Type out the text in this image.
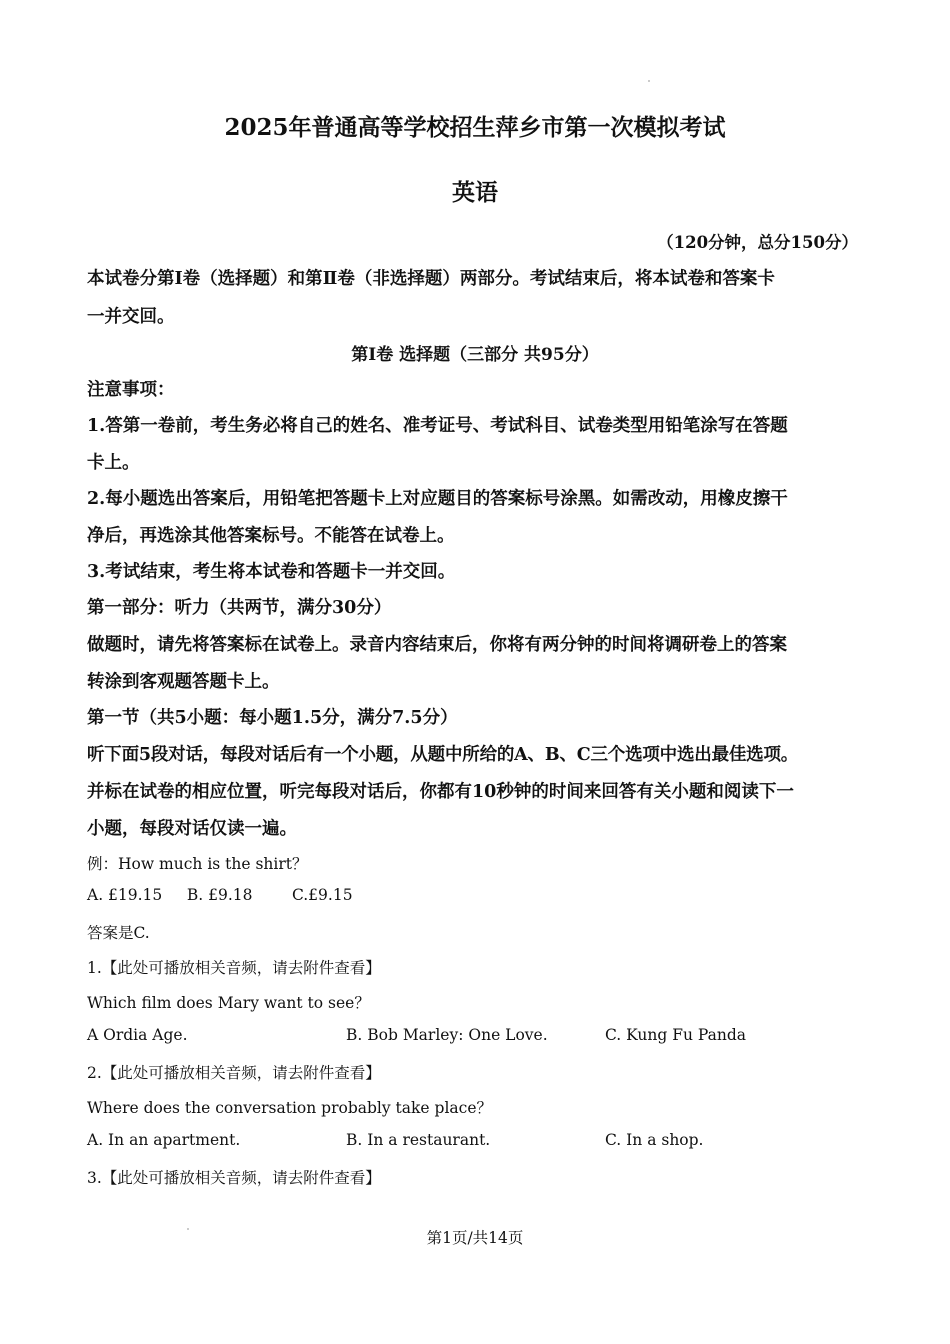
2025年普通高等学校招生萍乡市第一次模拟考试
英语
（120分钟，总分150分）
本试卷分第Ⅰ卷（选择题）和第Ⅱ卷（非选择题）两部分。考试结束后，将本试卷和答案卡
一并交回。
第Ⅰ卷 选择题（三部分 共95分）
注意事项：
1.答第一卷前，考生务必将自己的姓名、准考证号、考试科目、试卷类型用铅笔涂写在答题
卡上。
2.每小题选出答案后，用铅笔把答题卡上对应题目的答案标号涂黑。如需改动，用橡皮擦干
净后，再选涂其他答案标号。不能答在试卷上。
3.考试结束，考生将本试卷和答题卡一并交回。
第一部分：听力（共两节，满分30分）
做题时，请先将答案标在试卷上。录音内容结束后，你将有两分钟的时间将调研卷上的答案
转涂到客观题答题卡上。
第一节（共5小题：每小题1.5分，满分7.5分）
听下面5段对话，每段对话后有一个小题，从题中所给的A、B、C三个选项中选出最佳选项。
并标在试卷的相应位置，听完每段对话后，你都有10秒钟的时间来回答有关小题和阅读下一
小题，每段对话仅读一遍。
例：How much is the shirt？
A. £19.15     B. £9.18        C.£9.15
答案是C.
1.【此处可播放相关音频，请去附件查看】
Which film does Mary want to see？
A Ordia Age.	B. Bob Marley: One Love.	C. Kung Fu Panda
2.【此处可播放相关音频，请去附件查看】
Where does the conversation probably take place？
A. In an apartment.	B. In a restaurant.	C. In a shop.
3.【此处可播放相关音频，请去附件查看】
第1页/共14页
